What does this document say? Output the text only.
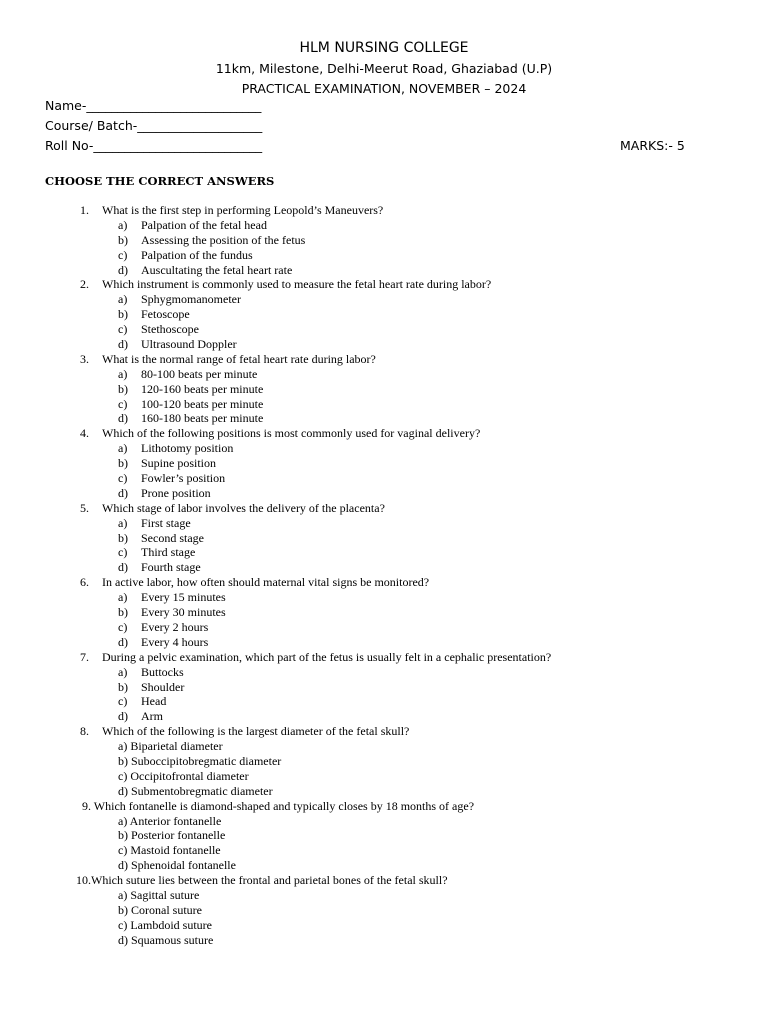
HLM NURSING COLLEGE
11km, Milestone, Delhi-Meerut Road, Ghaziabad (U.P)
PRACTICAL EXAMINATION, NOVEMBER – 2024
Name-____________________________
Course/ Batch-____________________
Roll No-___________________________	MARKS:- 5
CHOOSE THE CORRECT ANSWERS
1. What is the first step in performing Leopold’s Maneuvers?
a) Palpation of the fetal head
b) Assessing the position of the fetus
c) Palpation of the fundus
d) Auscultating the fetal heart rate
2. Which instrument is commonly used to measure the fetal heart rate during labor?
a) Sphygmomanometer
b) Fetoscope
c) Stethoscope
d) Ultrasound Doppler
3. What is the normal range of fetal heart rate during labor?
a) 80-100 beats per minute
b) 120-160 beats per minute
c) 100-120 beats per minute
d) 160-180 beats per minute
4. Which of the following positions is most commonly used for vaginal delivery?
a) Lithotomy position
b) Supine position
c) Fowler’s position
d) Prone position
5. Which stage of labor involves the delivery of the placenta?
a) First stage
b) Second stage
c) Third stage
d) Fourth stage
6. In active labor, how often should maternal vital signs be monitored?
a) Every 15 minutes
b) Every 30 minutes
c) Every 2 hours
d) Every 4 hours
7. During a pelvic examination, which part of the fetus is usually felt in a cephalic presentation?
a) Buttocks
b) Shoulder
c) Head
d) Arm
8. Which of the following is the largest diameter of the fetal skull?
a) Biparietal diameter
b) Suboccipitobregmatic diameter
c) Occipitofrontal diameter
d) Submentobregmatic diameter
9. Which fontanelle is diamond-shaped and typically closes by 18 months of age?
a) Anterior fontanelle
b) Posterior fontanelle
c) Mastoid fontanelle
d) Sphenoidal fontanelle
10.Which suture lies between the frontal and parietal bones of the fetal skull?
a) Sagittal suture
b) Coronal suture
c) Lambdoid suture
d) Squamous suture
